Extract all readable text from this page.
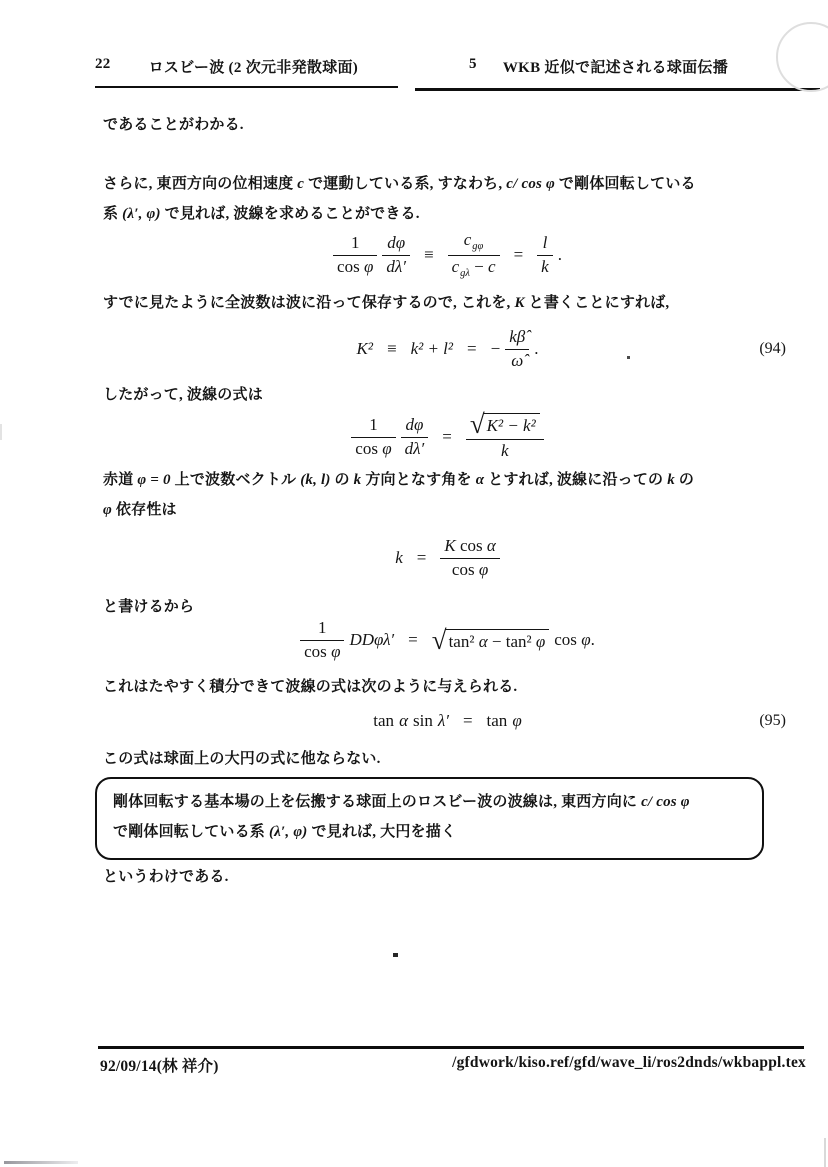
22	ロスビー波 (2 次元非発散球面)	5 WKB 近似で記述される球面伝播
であることがわかる.
さらに, 東西方向の位相速度 c で運動している系, すなわち, c/ cos φ で剛体回転している
系 (λ′, φ) で見れば, 波線を求めることができる.
$\frac{1}{\text{cos φ}} \frac{d\varphi}{d\lambda'} \equiv \frac{c_{g\varphi}}{c_{g\lambda} - c} = \frac{l}{k}$ .
すでに見たように全波数は波に沿って保存するので, これを, K と書くことにすれば,
K² ≡ k² + l² = − $\frac{k\betâ}{\omegâ}$ .	(94)
したがって, 波線の式は
$\frac{1}{\text{cos φ}} \frac{d\varphi}{d\lambda'} = \frac{\text{√ K² − k²}}{k}$
赤道 φ = 0 上で波数ベクトル (k, l) の k 方向となす角を α とすれば, 波線に沿っての k の
φ 依存性は
$k = \frac{\text{K cos α}}{\text{cos φ}}$
と書けるから
$\frac{1}{\text{cos φ}} DD\varphi\lambda'$ = √ tan² α − tan² φ cos φ.
これはたやすく積分できて波線の式は次のように与えられる.
tan α sin λ′ = tan φ	(95)
この式は球面上の大円の式に他ならない.
剛体回転する基本場の上を伝搬する球面上のロスビー波の波線は, 東西方向に c/ cos φ
で剛体回転している系 (λ′, φ) で見れば, 大円を描く
というわけである.
92/09/14(林 祥介)	/gfdwork/kiso.ref/gfd/wave_li/ros2dnds/wkbappl.tex
